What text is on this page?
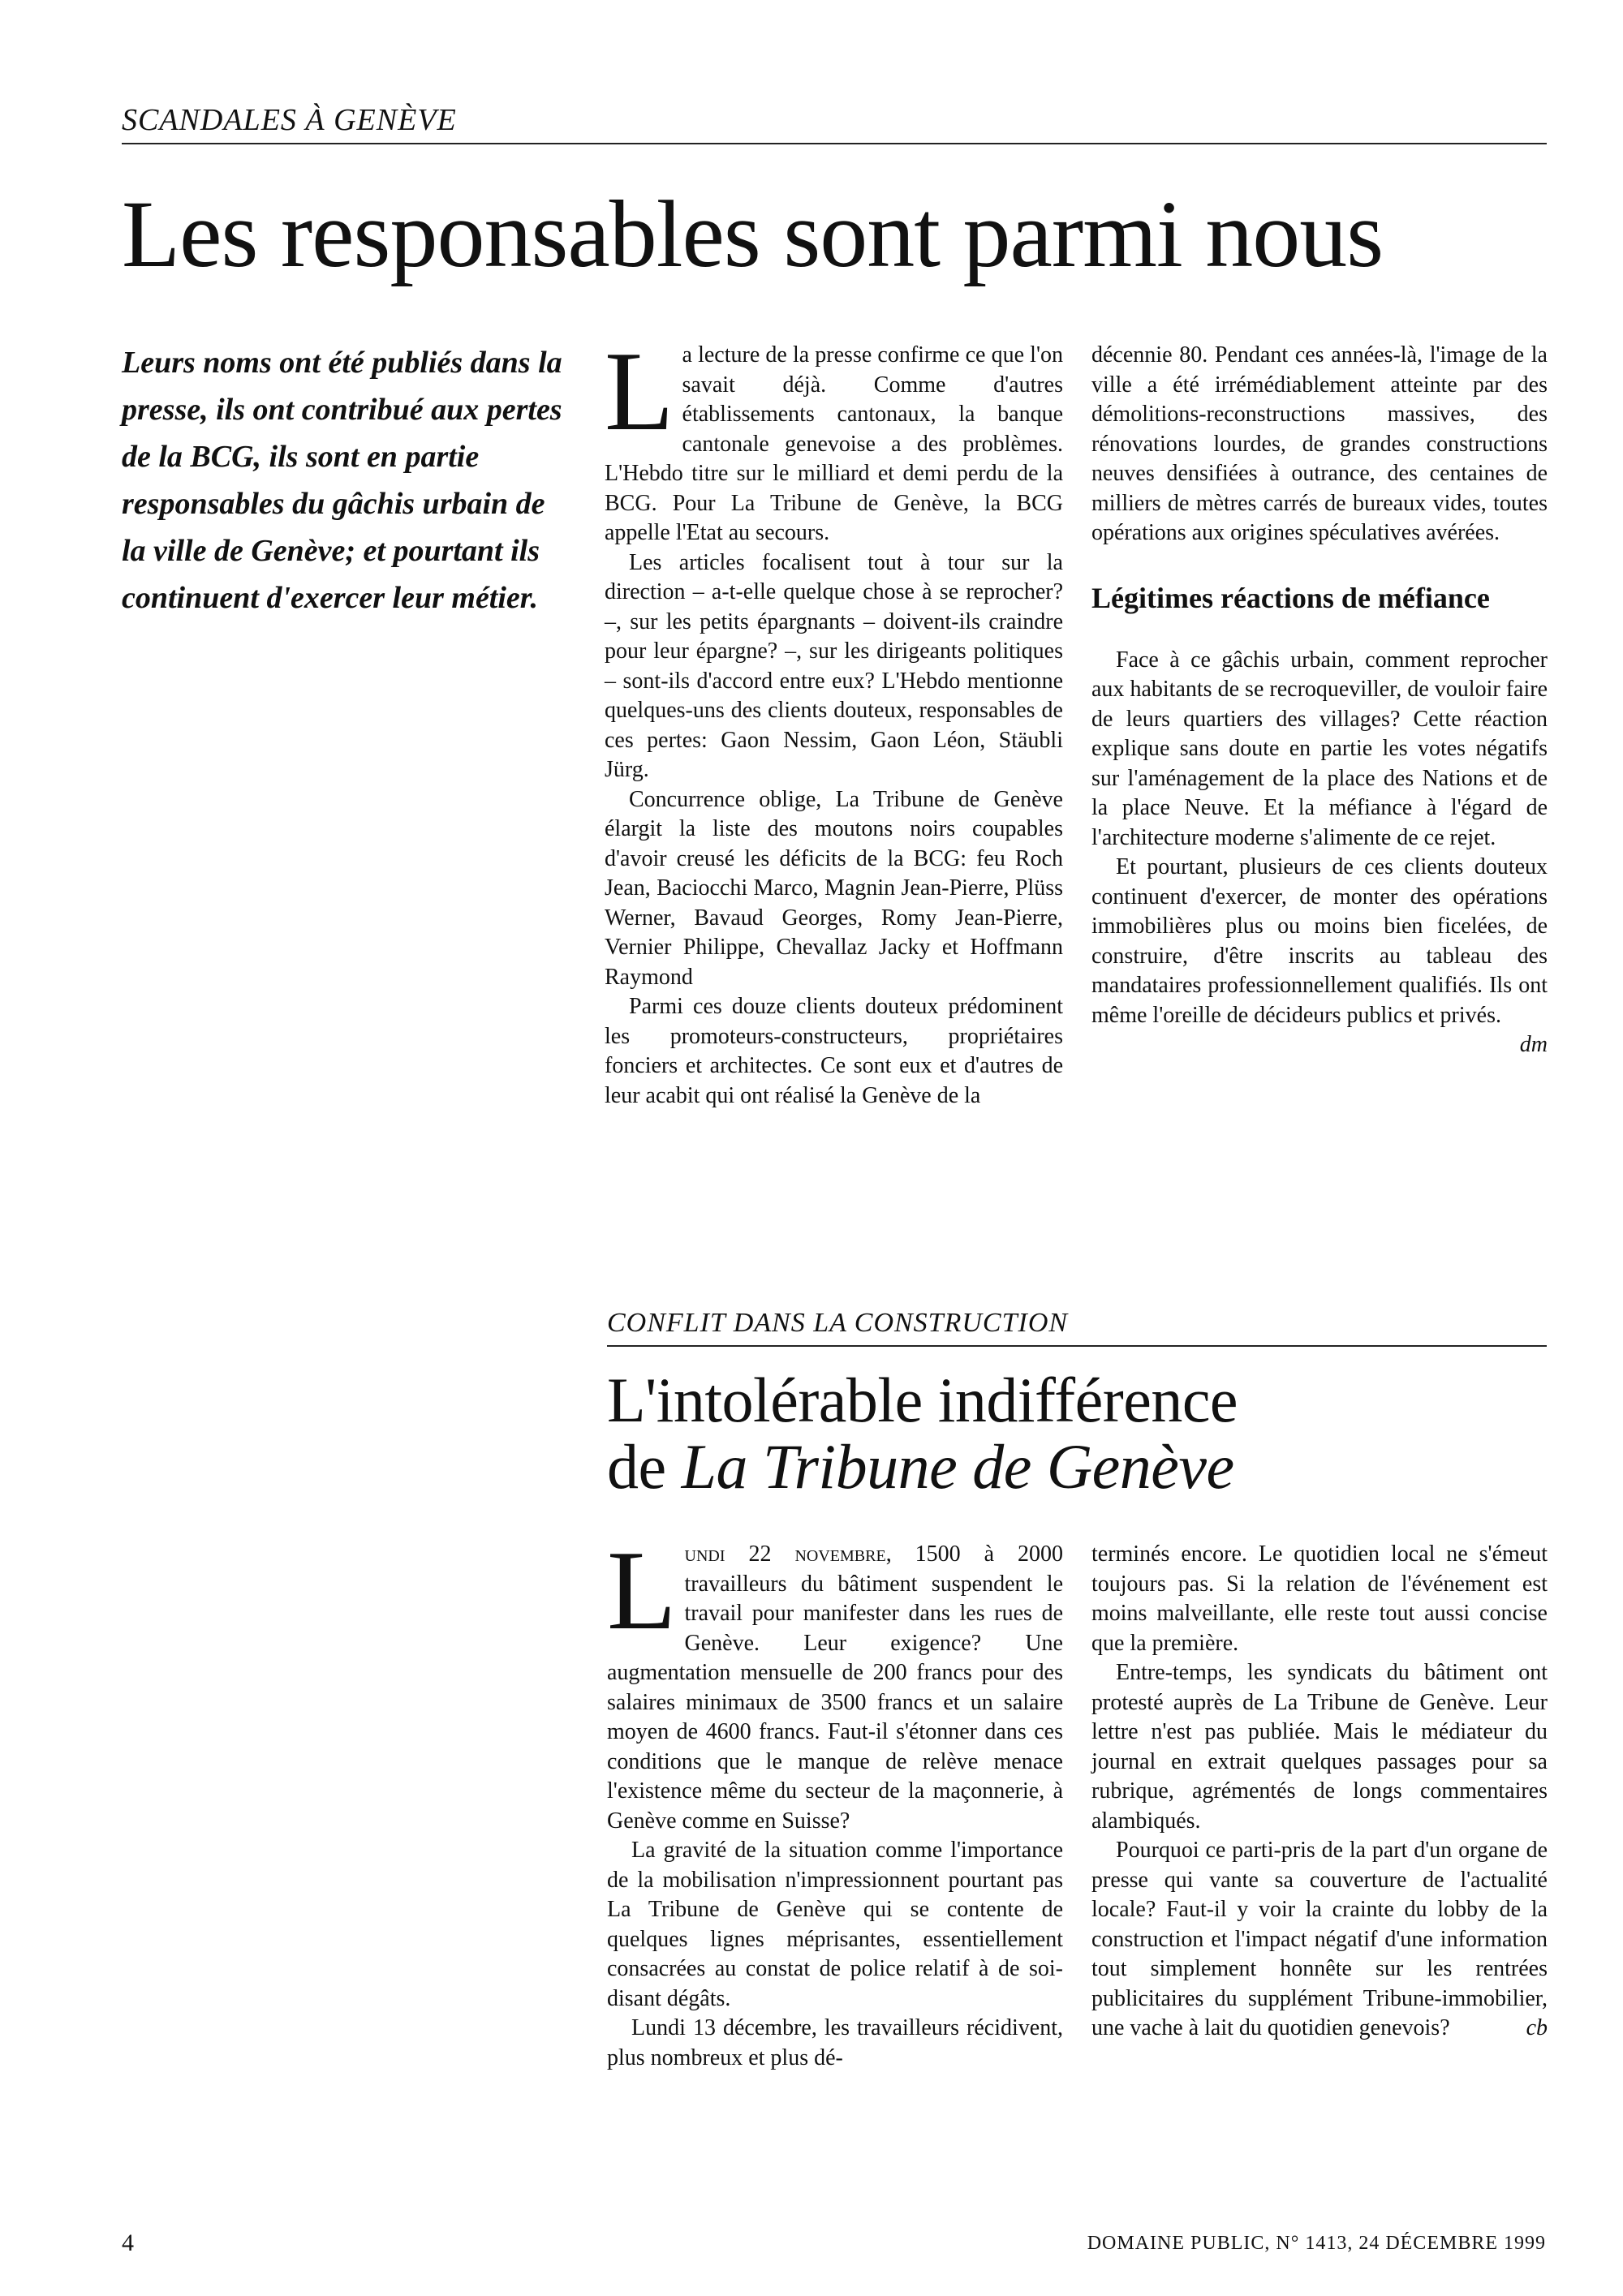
SCANDALES À GENÈVE
Les responsables sont parmi nous
Leurs noms ont été publiés dans la presse, ils ont contribué aux pertes de la BCG, ils sont en partie responsables du gâchis urbain de la ville de Genève; et pourtant ils continuent d'exercer leur métier.

La lecture de la presse confirme ce que l'on savait déjà. Comme d'autres établissements cantonaux, la banque cantonale genevoise a des problèmes. L'Hebdo titre sur le milliard et demi perdu de la BCG. Pour La Tribune de Genève, la BCG appelle l'Etat au secours.

Les articles focalisent tout à tour sur la direction – a-t-elle quelque chose à se reprocher? –, sur les petits épargnants – doivent-ils craindre pour leur épargne? –, sur les dirigeants politiques – sont-ils d'accord entre eux? L'Hebdo mentionne quelques-uns des clients douteux, responsables de ces pertes: Gaon Nessim, Gaon Léon, Stäubli Jürg.

Concurrence oblige, La Tribune de Genève élargit la liste des moutons noirs coupables d'avoir creusé les déficits de la BCG: feu Roch Jean, Baciocchi Marco, Magnin Jean-Pierre, Plüss Werner, Bavaud Georges, Romy Jean-Pierre, Vernier Philippe, Chevallaz Jacky et Hoffmann Raymond

Parmi ces douze clients douteux prédominent les promoteurs-constructeurs, propriétaires fonciers et architectes. Ce sont eux et d'autres de leur acabit qui ont réalisé la Genève de la

décennie 80. Pendant ces années-là, l'image de la ville a été irrémédiablement atteinte par des démolitions-reconstructions massives, des rénovations lourdes, de grandes constructions neuves densifiées à outrance, des centaines de milliers de mètres carrés de bureaux vides, toutes opérations aux origines spéculatives avérées.

Légitimes réactions de méfiance

Face à ce gâchis urbain, comment reprocher aux habitants de se recroqueviller, de vouloir faire de leurs quartiers des villages? Cette réaction explique sans doute en partie les votes négatifs sur l'aménagement de la place des Nations et de la place Neuve. Et la méfiance à l'égard de l'architecture moderne s'alimente de ce rejet.

Et pourtant, plusieurs de ces clients douteux continuent d'exercer, de monter des opérations immobilières plus ou moins bien ficelées, de construire, d'être inscrits au tableau des mandataires professionnellement qualifiés. Ils ont même l'oreille de décideurs publics et privés.
dm

CONFLIT DANS LA CONSTRUCTION
L'intolérable indifférence
de La Tribune de Genève

Lundi 22 novembre, 1500 à 2000 travailleurs du bâtiment suspendent le travail pour manifester dans les rues de Genève. Leur exigence? Une augmentation mensuelle de 200 francs pour des salaires minimaux de 3500 francs et un salaire moyen de 4600 francs. Faut-il s'étonner dans ces conditions que le manque de relève menace l'existence même du secteur de la maçonnerie, à Genève comme en Suisse?

La gravité de la situation comme l'importance de la mobilisation n'impressionnent pourtant pas La Tribune de Genève qui se contente de quelques lignes méprisantes, essentiellement consacrées au constat de police relatif à de soi-disant dégâts.

Lundi 13 décembre, les travailleurs récidivent, plus nombreux et plus dé-

terminés encore. Le quotidien local ne s'émeut toujours pas. Si la relation de l'événement est moins malveillante, elle reste tout aussi concise que la première.

Entre-temps, les syndicats du bâtiment ont protesté auprès de La Tribune de Genève. Leur lettre n'est pas publiée. Mais le médiateur du journal en extrait quelques passages pour sa rubrique, agrémentés de longs commentaires alambiqués.

Pourquoi ce parti-pris de la part d'un organe de presse qui vante sa couverture de l'actualité locale? Faut-il y voir la crainte du lobby de la construction et l'impact négatif d'une information tout simplement honnête sur les rentrées publicitaires du supplément Tribune-immobilier, une vache à lait du quotidien genevois?	cb

4	DOMAINE PUBLIC, N° 1413, 24 DÉCEMBRE 1999
